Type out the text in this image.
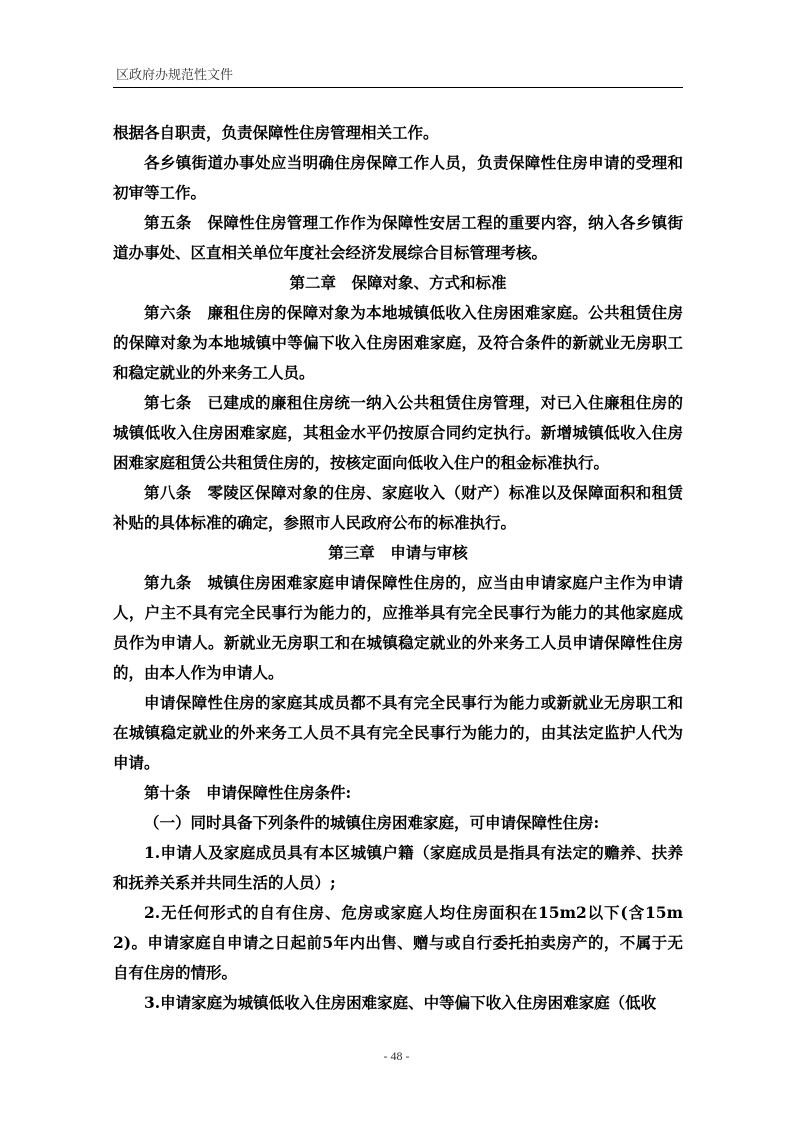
区政府办规范性文件

根据各自职责，负责保障性住房管理相关工作。

各乡镇街道办事处应当明确住房保障工作人员，负责保障性住房申请的受理和初审等工作。

第五条　保障性住房管理工作作为保障性安居工程的重要内容，纳入各乡镇街道办事处、区直相关单位年度社会经济发展综合目标管理考核。

第二章　保障对象、方式和标准

第六条　廉租住房的保障对象为本地城镇低收入住房困难家庭。公共租赁住房的保障对象为本地城镇中等偏下收入住房困难家庭，及符合条件的新就业无房职工和稳定就业的外来务工人员。

第七条　已建成的廉租住房统一纳入公共租赁住房管理，对已入住廉租住房的城镇低收入住房困难家庭，其租金水平仍按原合同约定执行。新增城镇低收入住房困难家庭租赁公共租赁住房的，按核定面向低收入住户的租金标准执行。

第八条　零陵区保障对象的住房、家庭收入（财产）标准以及保障面积和租赁补贴的具体标准的确定，参照市人民政府公布的标准执行。

第三章　申请与审核

第九条　城镇住房困难家庭申请保障性住房的，应当由申请家庭户主作为申请人，户主不具有完全民事行为能力的，应推举具有完全民事行为能力的其他家庭成员作为申请人。新就业无房职工和在城镇稳定就业的外来务工人员申请保障性住房的，由本人作为申请人。

申请保障性住房的家庭其成员都不具有完全民事行为能力或新就业无房职工和在城镇稳定就业的外来务工人员不具有完全民事行为能力的，由其法定监护人代为申请。

第十条　申请保障性住房条件:

（一）同时具备下列条件的城镇住房困难家庭，可申请保障性住房:

1.申请人及家庭成员具有本区城镇户籍（家庭成员是指具有法定的赡养、扶养和抚养关系并共同生活的人员）;

2.无任何形式的自有住房、危房或家庭人均住房面积在15m2以下(含15m2)。申请家庭自申请之日起前5年内出售、赠与或自行委托拍卖房产的，不属于无自有住房的情形。

3.申请家庭为城镇低收入住房困难家庭、中等偏下收入住房困难家庭（低收

- 48 -
